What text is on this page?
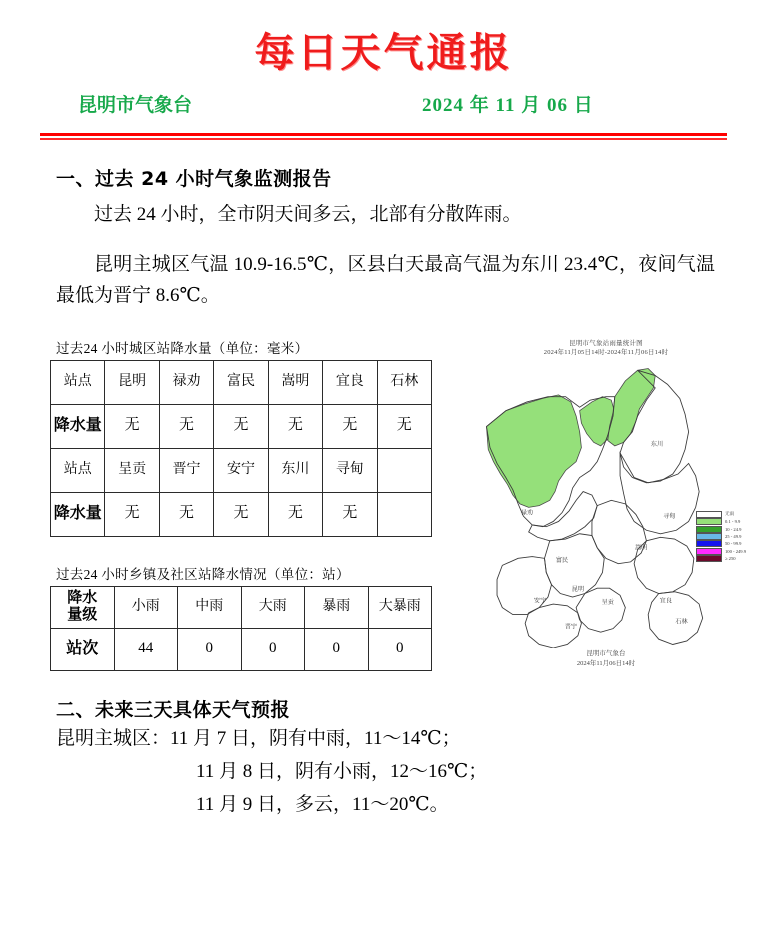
每日天气通报
昆明市气象台	2024 年 11 月 06 日
一、过去 24 小时气象监测报告

过去 24 小时，全市阴天间多云，北部有分散阵雨。

昆明主城区气温 10.9-16.5℃，区县白天最高气温为东川 23.4℃，夜间气温最低为晋宁 8.6℃。

过去24 小时城区站降水量（单位：毫米）
站点	昆明	禄劝	富民	嵩明	宜良	石林
降水量	无	无	无	无	无	无
站点	呈贡	晋宁	安宁	东川	寻甸	
降水量	无	无	无	无	无	
过去24 小时乡镇及社区站降水情况（单位：站）
降水
量级	小雨	中雨	大雨	暴雨	大暴雨
站次	44	0	0	0	0
昆明市气象站雨量统计图
2024年11月05日14时-2024年11月06日14时
东川
禄劝
寻甸
嵩明
富民
昆明
安宁	呈贡	宜良
石林
晋宁
无雨
0.1 - 9.9
10 - 24.9
25 - 49.9
50 - 99.9
100 - 249.9
≥ 250
昆明市气象台
2024年11月06日14时
二、未来三天具体天气预报
昆明主城区：11 月 7 日，阴有中雨，11～14℃；
11 月 8 日，阴有小雨，12～16℃；
11 月 9 日，多云，11～20℃。
